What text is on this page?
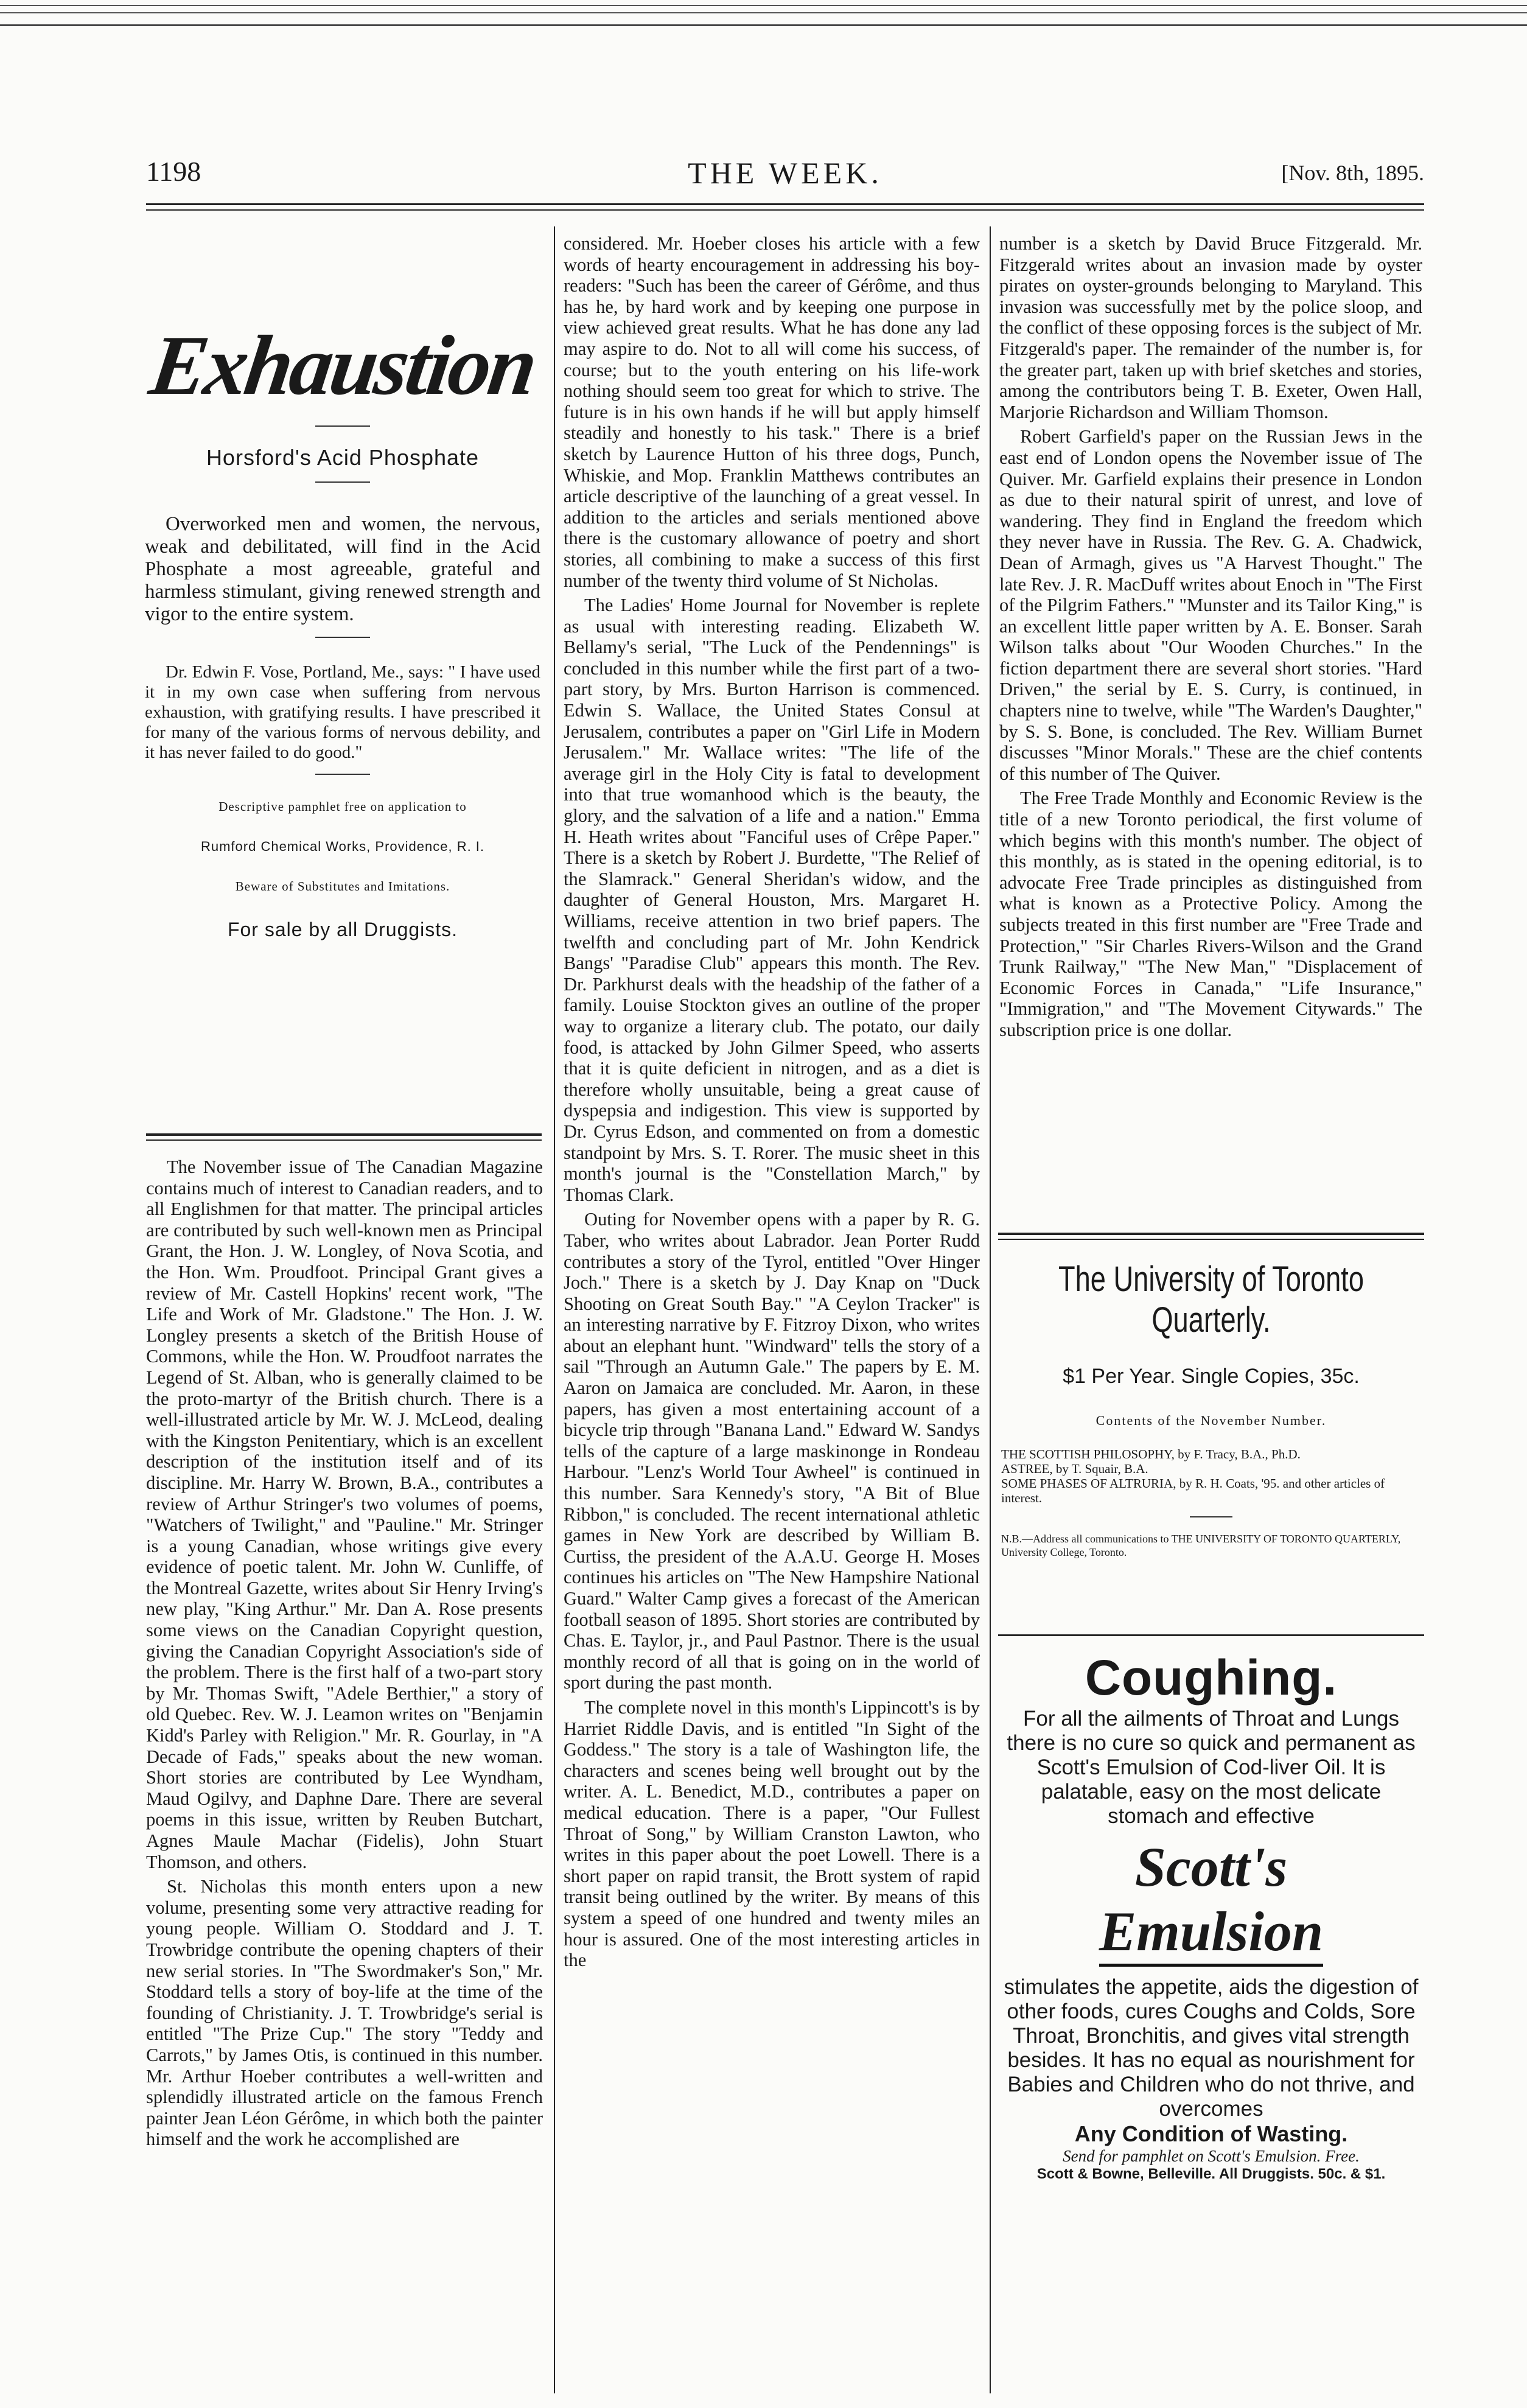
1198	THE WEEK.	[Nov. 8th, 1895.
Exhaustion
Horsford's Acid Phosphate
Overworked men and women, the nervous, weak and debilitated, will find in the Acid Phosphate a most agreeable, grateful and harmless stimulant, giving renewed strength and vigor to the entire system.
Dr. Edwin F. Vose, Portland, Me., says: " I have used it in my own case when suffering from nervous exhaustion, with gratifying results. I have prescribed it for many of the various forms of nervous debility, and it has never failed to do good."
Descriptive pamphlet free on application to
Rumford Chemical Works, Providence, R. I.
Beware of Substitutes and Imitations.
For sale by all Druggists.

The November issue of The Canadian Magazine contains much of interest to Canadian readers, and to all Englishmen for that matter. The principal articles are contributed by such well-known men as Principal Grant, the Hon. J. W. Longley, of Nova Scotia, and the Hon. Wm. Proudfoot. Principal Grant gives a review of Mr. Castell Hopkins' recent work, "The Life and Work of Mr. Gladstone." The Hon. J. W. Longley presents a sketch of the British House of Commons, while the Hon. W. Proudfoot narrates the Legend of St. Alban, who is generally claimed to be the proto-martyr of the British church. There is a well-illustrated article by Mr. W. J. McLeod, dealing with the Kingston Penitentiary, which is an excellent description of the institution itself and of its discipline. Mr. Harry W. Brown, B.A., contributes a review of Arthur Stringer's two volumes of poems, "Watchers of Twilight," and "Pauline." Mr. Stringer is a young Canadian, whose writings give every evidence of poetic talent. Mr. John W. Cunliffe, of the Montreal Gazette, writes about Sir Henry Irving's new play, "King Arthur." Mr. Dan A. Rose presents some views on the Canadian Copyright question, giving the Canadian Copyright Association's side of the problem. There is the first half of a two-part story by Mr. Thomas Swift, "Adele Berthier," a story of old Quebec. Rev. W. J. Leamon writes on "Benjamin Kidd's Parley with Religion." Mr. R. Gourlay, in "A Decade of Fads," speaks about the new woman. Short stories are contributed by Lee Wyndham, Maud Ogilvy, and Daphne Dare. There are several poems in this issue, written by Reuben Butchart, Agnes Maule Machar (Fidelis), John Stuart Thomson, and others.

St. Nicholas this month enters upon a new volume, presenting some very attractive reading for young people. William O. Stoddard and J. T. Trowbridge contribute the opening chapters of their new serial stories. In "The Swordmaker's Son," Mr. Stoddard tells a story of boy-life at the time of the founding of Christianity. J. T. Trowbridge's serial is entitled "The Prize Cup." The story "Teddy and Carrots," by James Otis, is continued in this number. Mr. Arthur Hoeber contributes a well-written and splendidly illustrated article on the famous French painter Jean Léon Gérôme, in which both the painter himself and the work he accomplished are

considered. Mr. Hoeber closes his article with a few words of hearty encouragement in addressing his boy-readers: "Such has been the career of Gérôme, and thus has he, by hard work and by keeping one purpose in view achieved great results. What he has done any lad may aspire to do. Not to all will come his success, of course; but to the youth entering on his life-work nothing should seem too great for which to strive. The future is in his own hands if he will but apply himself steadily and honestly to his task." There is a brief sketch by Laurence Hutton of his three dogs, Punch, Whiskie, and Mop. Franklin Matthews contributes an article descriptive of the launching of a great vessel. In addition to the articles and serials mentioned above there is the customary allowance of poetry and short stories, all combining to make a success of this first number of the twenty third volume of St Nicholas.

The Ladies' Home Journal for November is replete as usual with interesting reading. Elizabeth W. Bellamy's serial, "The Luck of the Pendennings" is concluded in this number while the first part of a two-part story, by Mrs. Burton Harrison is commenced. Edwin S. Wallace, the United States Consul at Jerusalem, contributes a paper on "Girl Life in Modern Jerusalem." Mr. Wallace writes: "The life of the average girl in the Holy City is fatal to development into that true womanhood which is the beauty, the glory, and the salvation of a life and a nation." Emma H. Heath writes about "Fanciful uses of Crêpe Paper." There is a sketch by Robert J. Burdette, "The Relief of the Slamrack." General Sheridan's widow, and the daughter of General Houston, Mrs. Margaret H. Williams, receive attention in two brief papers. The twelfth and concluding part of Mr. John Kendrick Bangs' "Paradise Club" appears this month. The Rev. Dr. Parkhurst deals with the headship of the father of a family. Louise Stockton gives an outline of the proper way to organize a literary club. The potato, our daily food, is attacked by John Gilmer Speed, who asserts that it is quite deficient in nitrogen, and as a diet is therefore wholly unsuitable, being a great cause of dyspepsia and indigestion. This view is supported by Dr. Cyrus Edson, and commented on from a domestic standpoint by Mrs. S. T. Rorer. The music sheet in this month's journal is the "Constellation March," by Thomas Clark.

Outing for November opens with a paper by R. G. Taber, who writes about Labrador. Jean Porter Rudd contributes a story of the Tyrol, entitled "Over Hinger Joch." There is a sketch by J. Day Knap on "Duck Shooting on Great South Bay." "A Ceylon Tracker" is an interesting narrative by F. Fitzroy Dixon, who writes about an elephant hunt. "Windward" tells the story of a sail "Through an Autumn Gale." The papers by E. M. Aaron on Jamaica are concluded. Mr. Aaron, in these papers, has given a most entertaining account of a bicycle trip through "Banana Land." Edward W. Sandys tells of the capture of a large maskinonge in Rondeau Harbour. "Lenz's World Tour Awheel" is continued in this number. Sara Kennedy's story, "A Bit of Blue Ribbon," is concluded. The recent international athletic games in New York are described by William B. Curtiss, the president of the A.A.U. George H. Moses continues his articles on "The New Hampshire National Guard." Walter Camp gives a forecast of the American football season of 1895. Short stories are contributed by Chas. E. Taylor, jr., and Paul Pastnor. There is the usual monthly record of all that is going on in the world of sport during the past month.

The complete novel in this month's Lippincott's is by Harriet Riddle Davis, and is entitled "In Sight of the Goddess." The story is a tale of Washington life, the characters and scenes being well brought out by the writer. A. L. Benedict, M.D., contributes a paper on medical education. There is a paper, "Our Fullest Throat of Song," by William Cranston Lawton, who writes in this paper about the poet Lowell. There is a short paper on rapid transit, the Brott system of rapid transit being outlined by the writer. By means of this system a speed of one hundred and twenty miles an hour is assured. One of the most interesting articles in the

number is a sketch by David Bruce Fitzgerald. Mr. Fitzgerald writes about an invasion made by oyster pirates on oyster-grounds belonging to Maryland. This invasion was successfully met by the police sloop, and the conflict of these opposing forces is the subject of Mr. Fitzgerald's paper. The remainder of the number is, for the greater part, taken up with brief sketches and stories, among the contributors being T. B. Exeter, Owen Hall, Marjorie Richardson and William Thomson.

Robert Garfield's paper on the Russian Jews in the east end of London opens the November issue of The Quiver. Mr. Garfield explains their presence in London as due to their natural spirit of unrest, and love of wandering. They find in England the freedom which they never have in Russia. The Rev. G. A. Chadwick, Dean of Armagh, gives us "A Harvest Thought." The late Rev. J. R. MacDuff writes about Enoch in "The First of the Pilgrim Fathers." "Munster and its Tailor King," is an excellent little paper written by A. E. Bonser. Sarah Wilson talks about "Our Wooden Churches." In the fiction department there are several short stories. "Hard Driven," the serial by E. S. Curry, is continued, in chapters nine to twelve, while "The Warden's Daughter," by S. S. Bone, is concluded. The Rev. William Burnet discusses "Minor Morals." These are the chief contents of this number of The Quiver.

The Free Trade Monthly and Economic Review is the title of a new Toronto periodical, the first volume of which begins with this month's number. The object of this monthly, as is stated in the opening editorial, is to advocate Free Trade principles as distinguished from what is known as a Protective Policy. Among the subjects treated in this first number are "Free Trade and Protection," "Sir Charles Rivers-Wilson and the Grand Trunk Railway," "The New Man," "Displacement of Economic Forces in Canada," "Life Insurance," "Immigration," and "The Movement Citywards." The subscription price is one dollar.

The University of Toronto
Quarterly.
$1 Per Year. Single Copies, 35c.
Contents of the November Number.
THE SCOTTISH PHILOSOPHY, by F. Tracy, B.A., Ph.D.
ASTREE, by T. Squair, B.A.
SOME PHASES OF ALTRURIA, by R. H. Coats, '95. and other articles of interest.
N.B.—Address all communications to THE UNIVERSITY OF TORONTO QUARTERLY, University College, Toronto.
Coughing.
For all the ailments of Throat and Lungs there is no cure so quick and permanent as Scott's Emulsion of Cod-liver Oil. It is palatable, easy on the most delicate stomach and effective
Scott's
Emulsion
stimulates the appetite, aids the digestion of other foods, cures Coughs and Colds, Sore Throat, Bronchitis, and gives vital strength besides. It has no equal as nourishment for Babies and Children who do not thrive, and overcomes
Any Condition of Wasting.
Send for pamphlet on Scott's Emulsion. Free.
Scott & Bowne, Belleville. All Druggists. 50c. & $1.
